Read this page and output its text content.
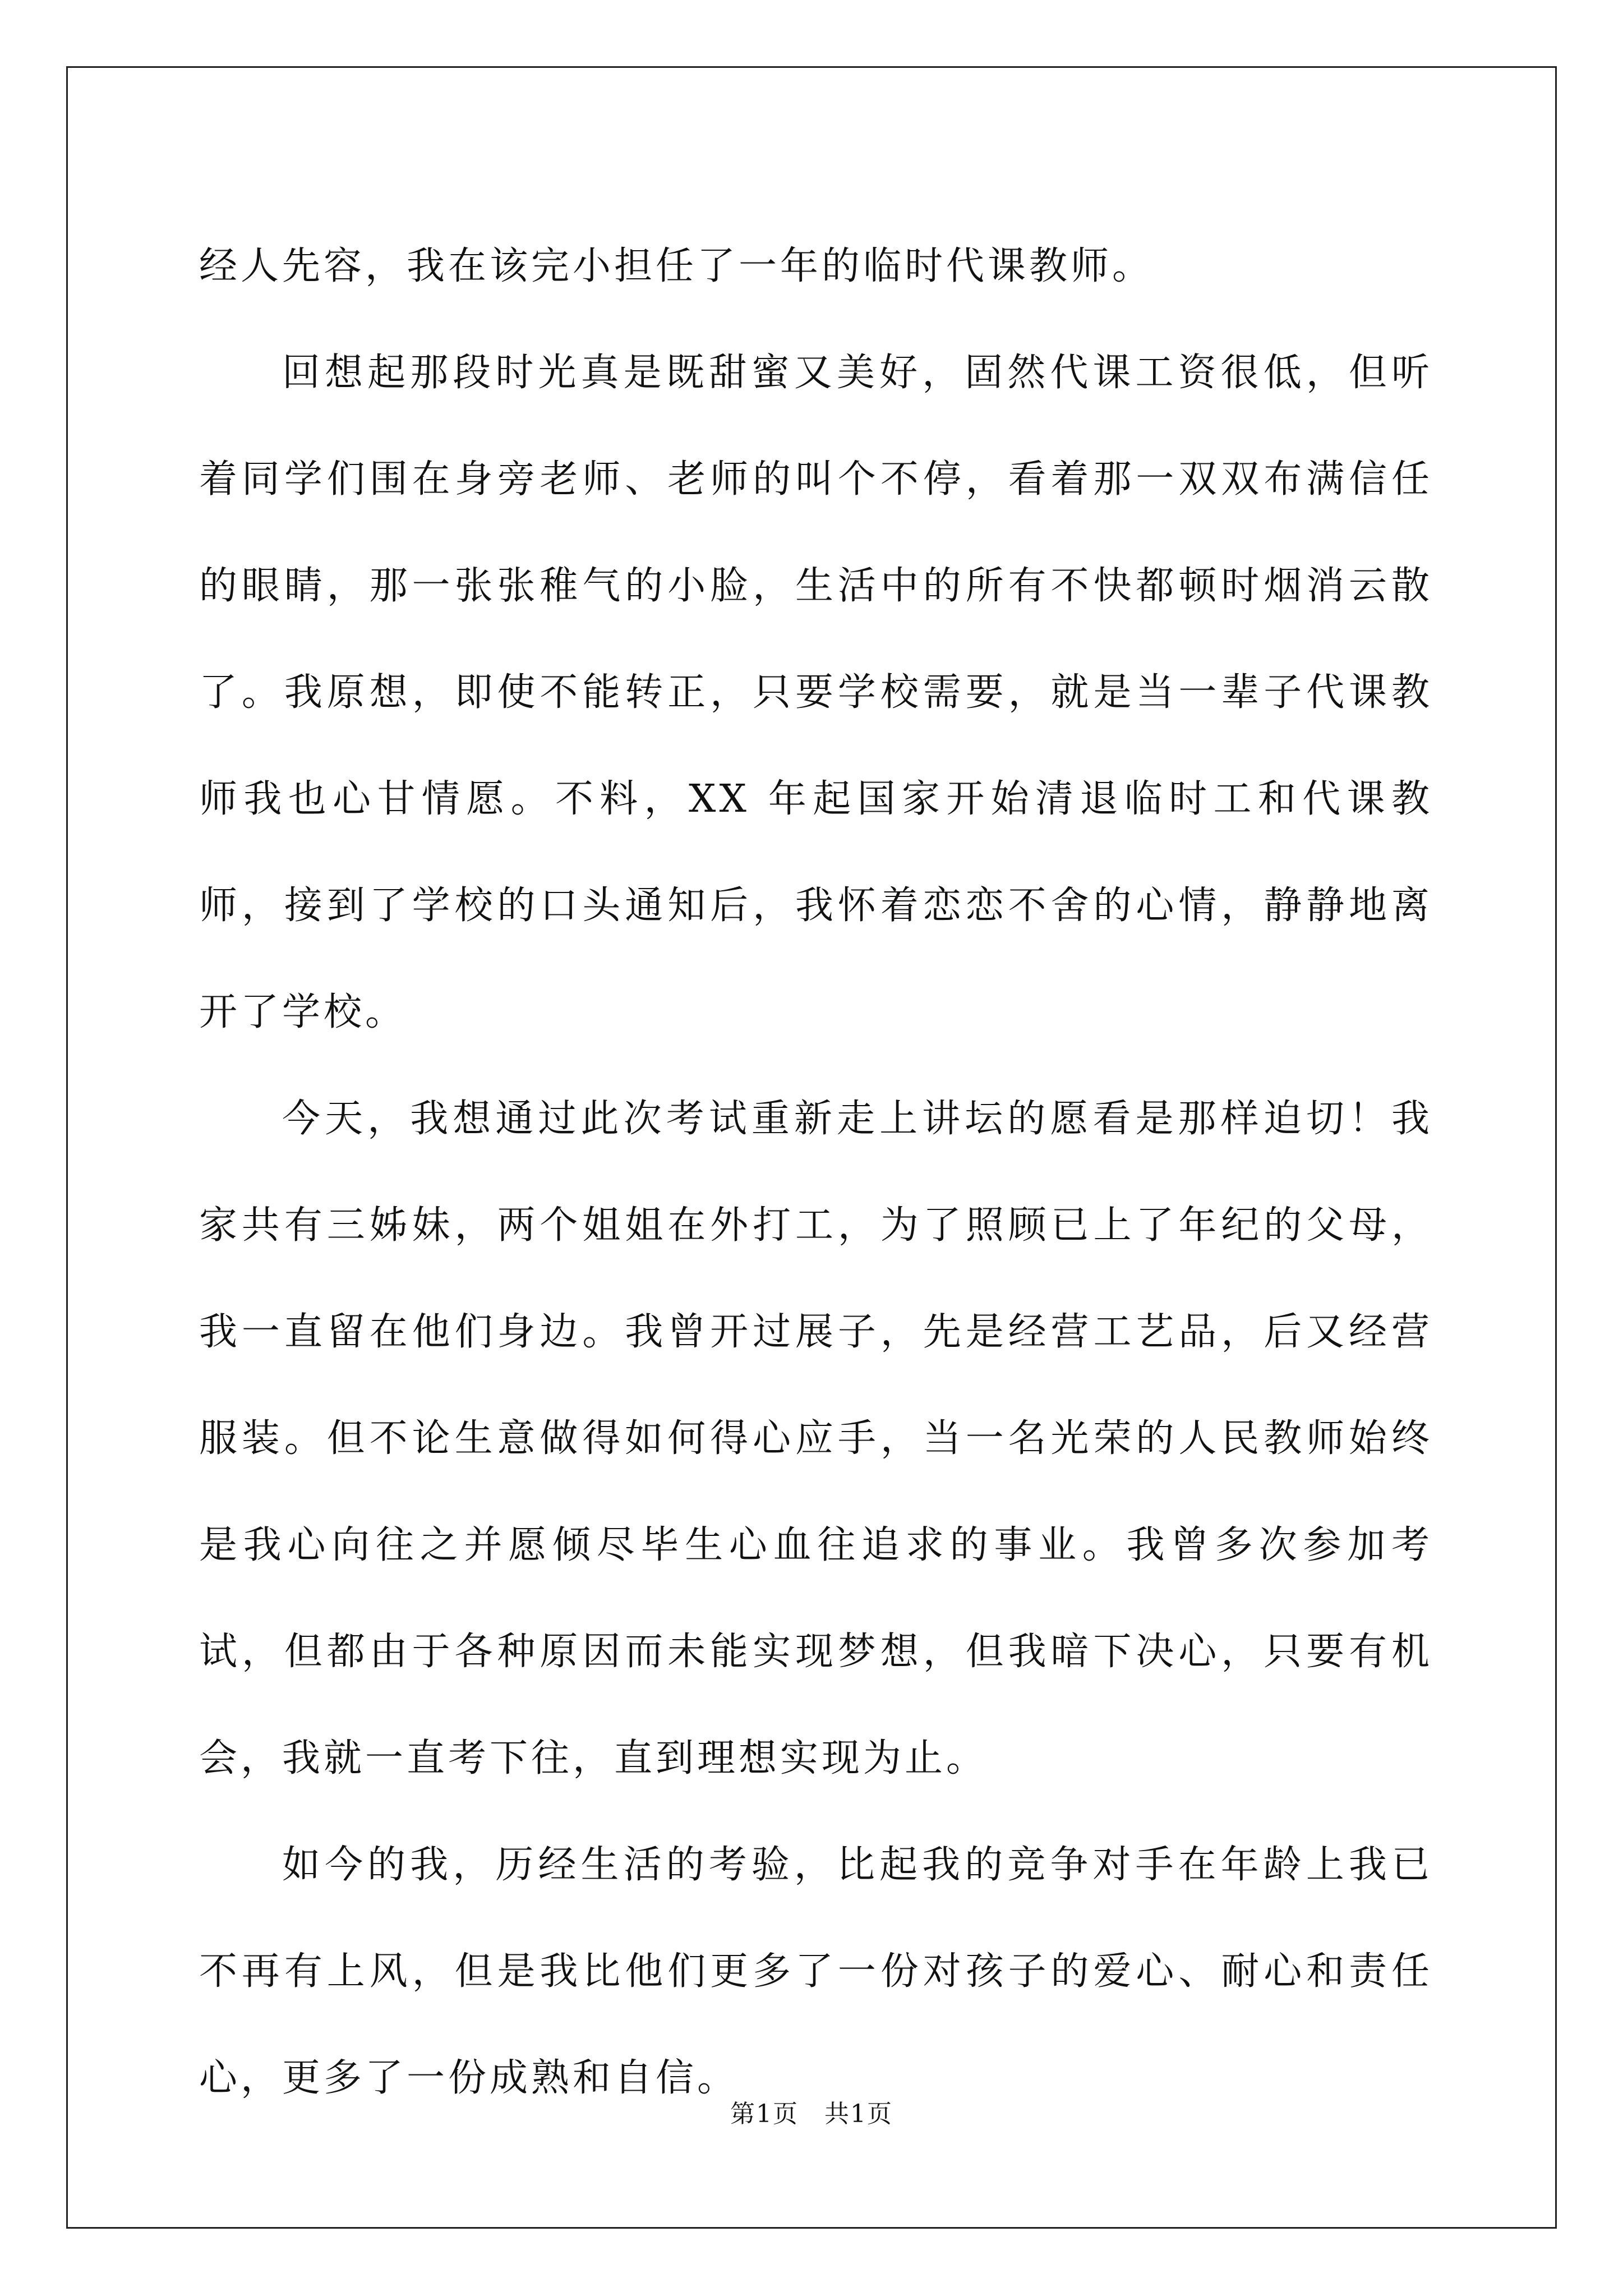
经人先容，我在该完小担任了一年的临时代课教师。

回想起那段时光真是既甜蜜又美好，固然代课工资很低，但听着同学们围在身旁老师、老师的叫个不停，看着那一双双布满信任的眼睛，那一张张稚气的小脸，生活中的所有不快都顿时烟消云散了。我原想，即使不能转正，只要学校需要，就是当一辈子代课教师我也心甘情愿。不料，XX 年起国家开始清退临时工和代课教师，接到了学校的口头通知后，我怀着恋恋不舍的心情，静静地离开了学校。

今天，我想通过此次考试重新走上讲坛的愿看是那样迫切！我家共有三姊妹，两个姐姐在外打工，为了照顾已上了年纪的父母，我一直留在他们身边。我曾开过展子，先是经营工艺品，后又经营服装。但不论生意做得如何得心应手，当一名光荣的人民教师始终是我心向往之并愿倾尽毕生心血往追求的事业。我曾多次参加考试，但都由于各种原因而未能实现梦想，但我暗下决心，只要有机会，我就一直考下往，直到理想实现为止。

如今的我，历经生活的考验，比起我的竞争对手在年龄上我已不再有上风，但是我比他们更多了一份对孩子的爱心、耐心和责任心，更多了一份成熟和自信。

第1页　共1页
